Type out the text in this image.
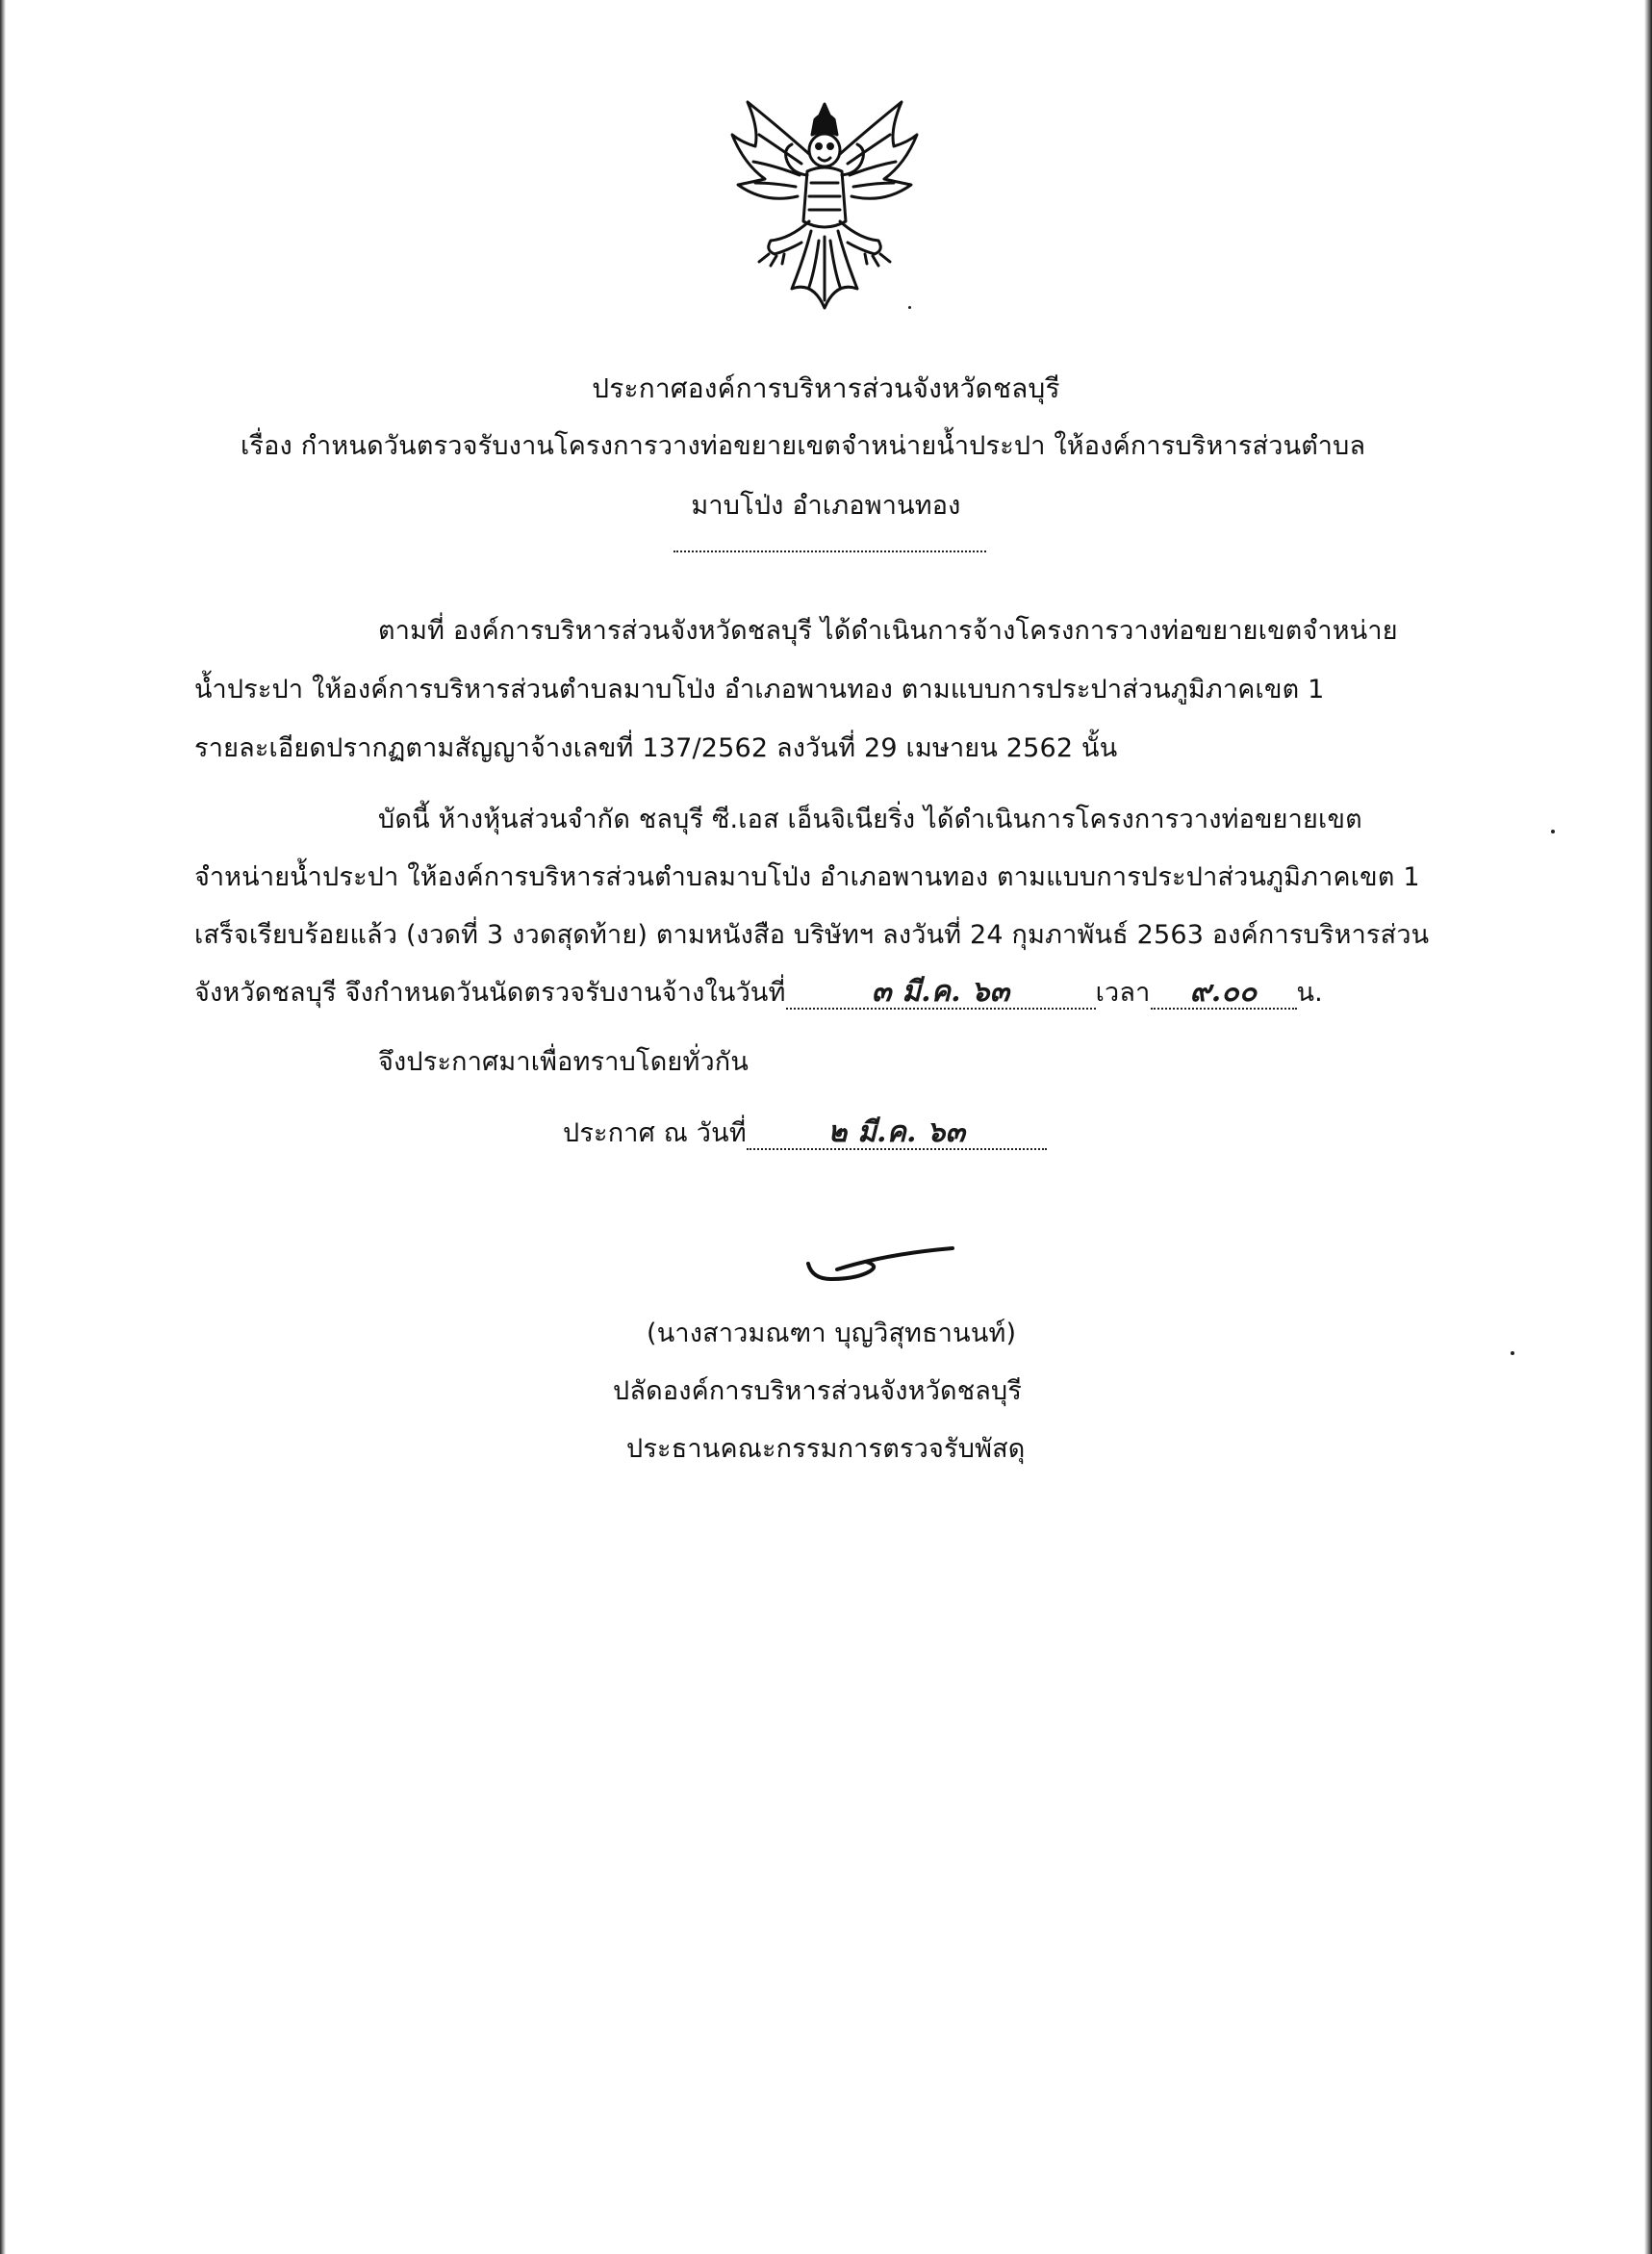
ประกาศองค์การบริหารส่วนจังหวัดชลบุรี
เรื่อง กำหนดวันตรวจรับงานโครงการวางท่อขยายเขตจำหน่ายน้ำประปา ให้องค์การบริหารส่วนตำบล
มาบโป่ง อำเภอพานทอง
ตามที่ องค์การบริหารส่วนจังหวัดชลบุรี ได้ดำเนินการจ้างโครงการวางท่อขยายเขตจำหน่าย
น้ำประปา ให้องค์การบริหารส่วนตำบลมาบโป่ง อำเภอพานทอง ตามแบบการประปาส่วนภูมิภาคเขต 1
รายละเอียดปรากฏตามสัญญาจ้างเลขที่ 137/2562 ลงวันที่ 29 เมษายน 2562 นั้น
บัดนี้ ห้างหุ้นส่วนจำกัด ชลบุรี ซี.เอส เอ็นจิเนียริ่ง ได้ดำเนินการโครงการวางท่อขยายเขต
จำหน่ายน้ำประปา ให้องค์การบริหารส่วนตำบลมาบโป่ง อำเภอพานทอง ตามแบบการประปาส่วนภูมิภาคเขต 1
เสร็จเรียบร้อยแล้ว (งวดที่ 3 งวดสุดท้าย) ตามหนังสือ บริษัทฯ ลงวันที่ 24 กุมภาพันธ์ 2563 องค์การบริหารส่วน
จังหวัดชลบุรี จึงกำหนดวันนัดตรวจรับงานจ้างในวันที่	๓ มี.ค. ๖๓	เวลา ๙.๐๐ น.
จึงประกาศมาเพื่อทราบโดยทั่วกัน
ประกาศ ณ วันที่	๒ มี.ค. ๖๓
(นางสาวมณฑา บุญวิสุทธานนท์)
ปลัดองค์การบริหารส่วนจังหวัดชลบุรี
ประธานคณะกรรมการตรวจรับพัสดุ
